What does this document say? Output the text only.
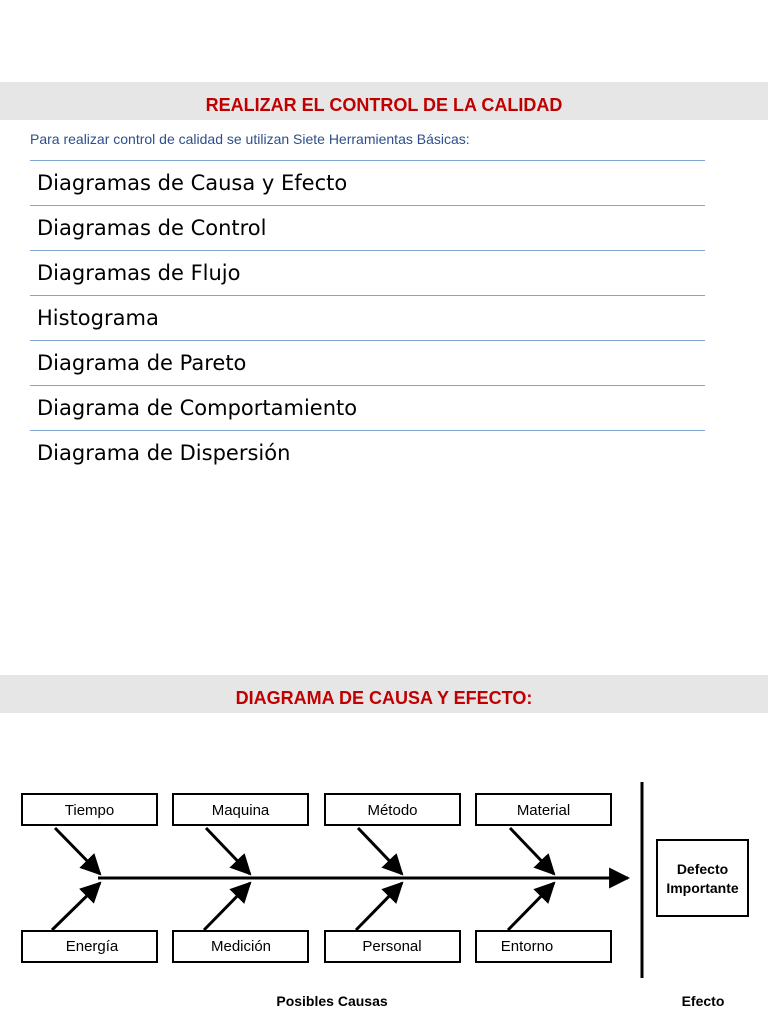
REALIZAR EL CONTROL DE LA CALIDAD
Para realizar control de calidad se utilizan Siete Herramientas Básicas:
Diagramas de Causa y Efecto
Diagramas de Control
Diagramas de Flujo
Histograma
Diagrama de Pareto
Diagrama de Comportamiento
Diagrama de Dispersión
DIAGRAMA DE CAUSA Y EFECTO:
Tiempo	Maquina	Método	Material
Energía	Medición	Personal	Entorno
Defecto
Importante
Posibles Causas	Efecto
